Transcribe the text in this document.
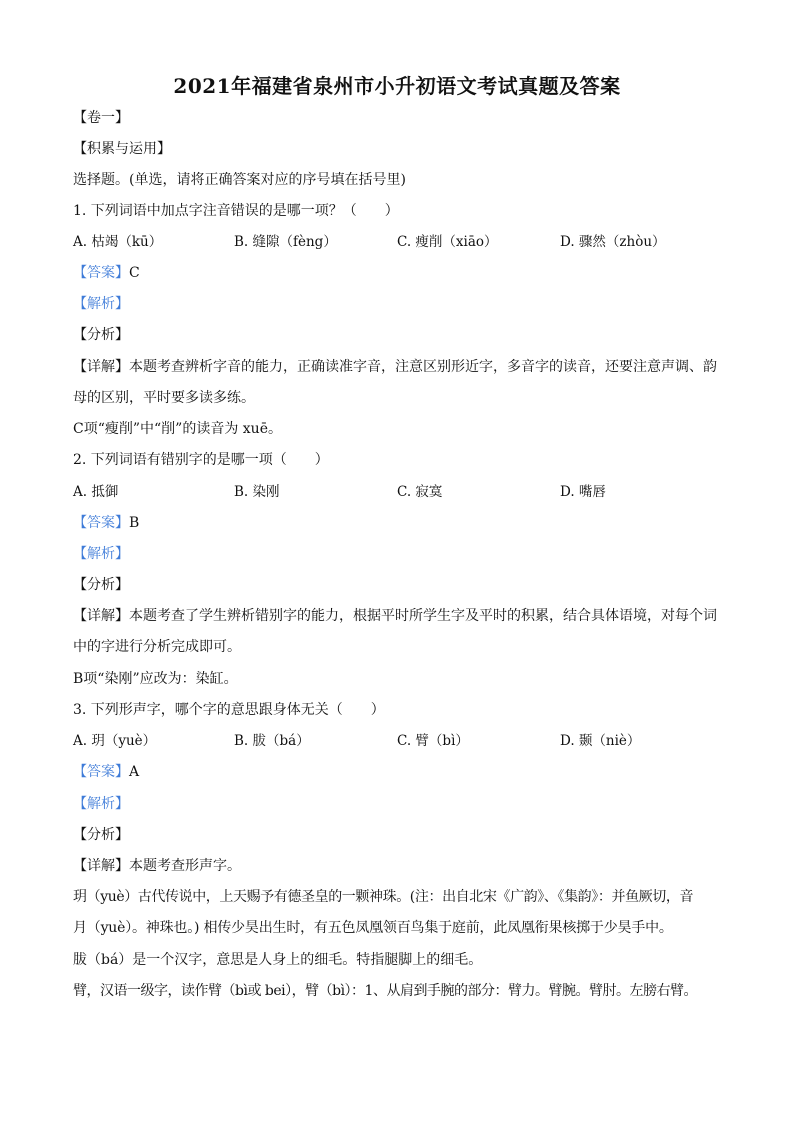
2021年福建省泉州市小升初语文考试真题及答案
【卷一】
【积累与运用】
选择题。(单选，请将正确答案对应的序号填在括号里)
1. 下列词语中加点字注音错误的是哪一项？（　　）
A. 枯竭（kū）	B. 缝隙（fèng）	C. 瘦削（xiāo）	D. 骤然（zhòu）
【答案】C
【解析】
【分析】
【详解】本题考查辨析字音的能力，正确读准字音，注意区别形近字，多音字的读音，还要注意声调、韵
母的区别，平时要多读多练。
C项“瘦削”中“削”的读音为 xuē。
2. 下列词语有错别字的是哪一项（　　）
A. 抵御	B. 染刚	C. 寂寞	D. 嘴唇
【答案】B
【解析】
【分析】
【详解】本题考查了学生辨析错别字的能力，根据平时所学生字及平时的积累，结合具体语境，对每个词
中的字进行分析完成即可。
B项“染刚”应改为：染缸。
3. 下列形声字，哪个字的意思跟身体无关（　　）
A. 玥（yuè）	B. 胈（bá）	C. 臂（bì）	D. 颞（niè）
【答案】A
【解析】
【分析】
【详解】本题考查形声字。
玥（yuè）古代传说中，上天赐予有德圣皇的一颗神珠。(注：出自北宋《广韵》、《集韵》：并鱼厥切，音
月（yuè）。神珠也。) 相传少昊出生时，有五色凤凰领百鸟集于庭前，此凤凰衔果核掷于少昊手中。
胈（bá）是一个汉字，意思是人身上的细毛。特指腿脚上的细毛。
臂，汉语一级字，读作臂（bì或 bei），臂（bì）：1、从肩到手腕的部分：臂力。臂腕。臂肘。左膀右臂。
